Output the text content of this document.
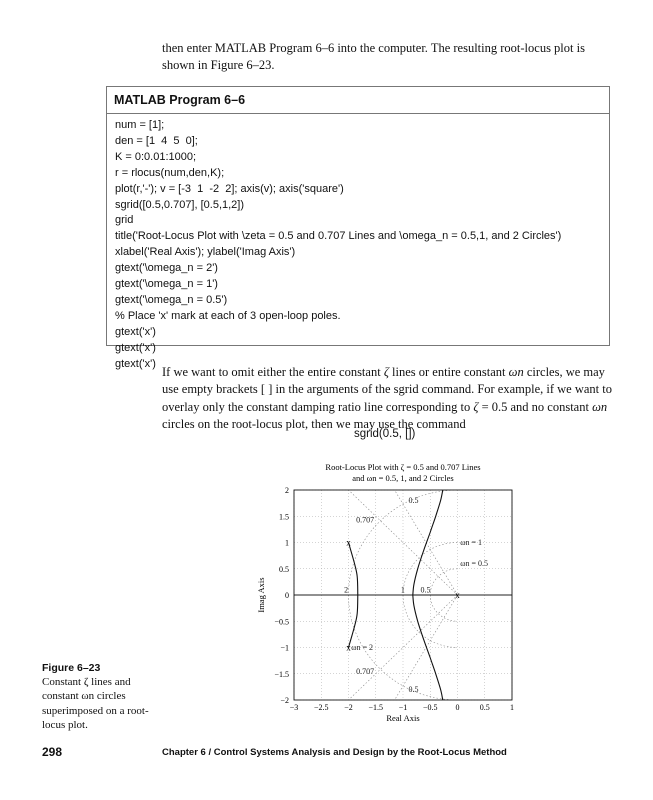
then enter MATLAB Program 6–6 into the computer. The resulting root-locus plot is shown in Figure 6–23.
MATLAB Program 6–6
num = [1];
den = [1  4  5  0];
K = 0:0.01:1000;
r = rlocus(num,den,K);
plot(r,'-'); v = [-3  1  -2  2]; axis(v); axis('square')
sgrid([0.5,0.707], [0.5,1,2])
grid
title('Root-Locus Plot with \zeta = 0.5 and 0.707 Lines and \omega_n = 0.5,1, and 2 Circles')
xlabel('Real Axis'); ylabel('Imag Axis')
gtext('\omega_n = 2')
gtext('\omega_n = 1')
gtext('\omega_n = 0.5')
% Place 'x' mark at each of 3 open-loop poles.
gtext('x')
gtext('x')
gtext('x')
If we want to omit either the entire constant ζ lines or entire constant ωn circles, we may use empty brackets [ ] in the arguments of the sgrid command. For example, if we want to overlay only the constant damping ratio line corresponding to ζ = 0.5 and no constant ωn circles on the root-locus plot, then we may use the command
sgrid(0.5, [])
Root-Locus Plot with ζ = 0.5 and 0.707 Lines
and ωn = 0.5, 1, and 2 Circles
−3 −2.5 −2 −1.5 −1 −0.5 0	0.5	1
−2
−1.5
−1
−0.5
0
0.5
1
1.5
2
x
x
x
0.5
0.707
ωn = 1
ωn = 0.5
2	1 0.5
ωn = 2
0.707
0.5
Real Axis
Imag Axis
Figure 6–23
Constant ζ lines and constant ωn circles superimposed on a root-locus plot.
298	Chapter 6 / Control Systems Analysis and Design by the Root-Locus Method
